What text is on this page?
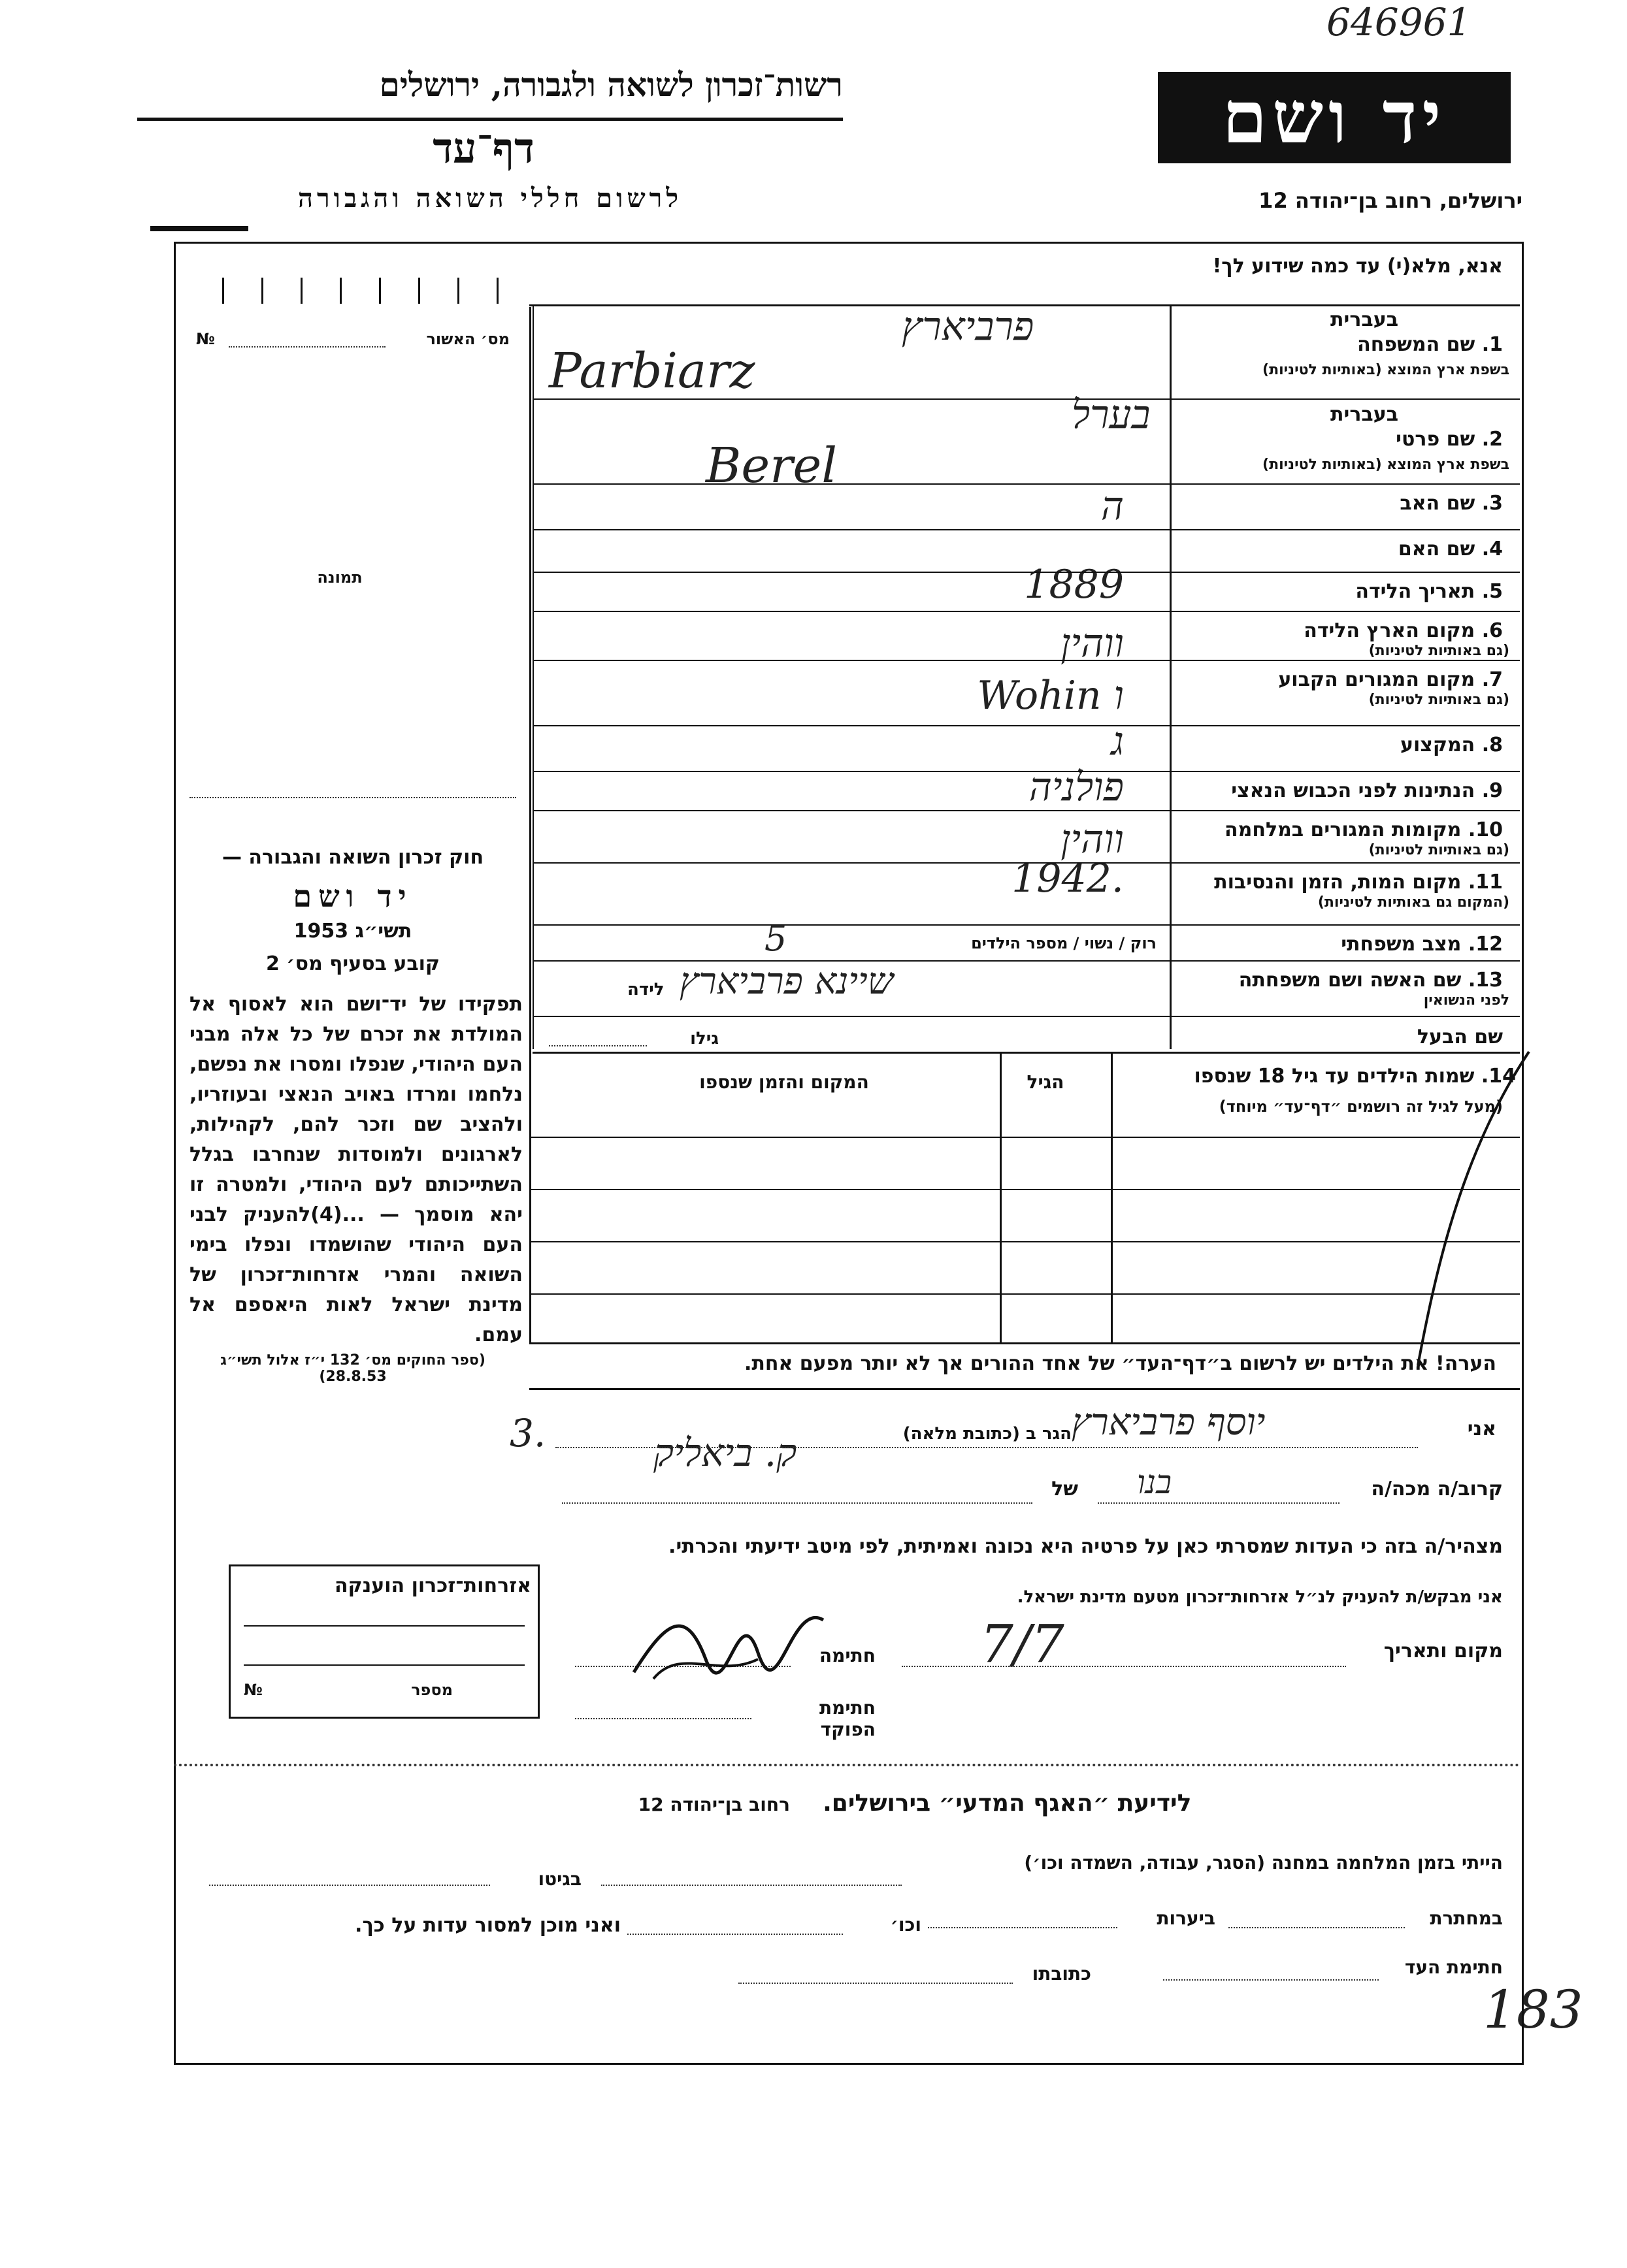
646961
183
רשות־זכרון לשואה ולגבורה, ירושלים
דף־עד
לרשום חללי השואה והגבורה
יד ושם
ירושלים, רחוב בן־יהודה 12
אנא, מלא(י) עד כמה שידוע לך!
מס׳ האשור
№
תמונה
חוק זכרון השואה והגבורה —
יד ושם
תשי״ג 1953
קובע בסעיף מס׳ 2
תפקידו של יד־ושם הוא לאסוף אל המולדת את זכרם של כל אלה מבני העם היהודי, שנפלו ומסרו את נפשם, נלחמו ומרדו באויב הנאצי ובעוזריו, ולהציב שם וזכר להם, לקהילות, לארגונים ולמוסדות שנחרבו בגלל השתייכותם לעם היהודי, ולמטרה זו יהא מוסמך — ...(4)להעניק לבני העם היהודי שהושמדו ונפלו בימי השואה והמרי אזרחות־זכרון של מדינת ישראל לאות היאספם אל עמם.
(ספר החוקים מס׳ 132 י״ז אלול תשי״ג 28.8.53)
אזרחות־זכרון הוענקה
מספר
№
1. שם המשפחה
בעברית
בשפת ארץ המוצא (באותיות לטיניות)
2. שם פרטי
בעברית
בשפת ארץ המוצא (באותיות לטיניות)
3. שם האב
ה
4. שם האם
5. תאריך הלידה
1889
6. מקום הארץ הלידה
(גם באותיות לטיניות)
ווהין
7. מקום המגורים הקבוע
(גם באותיות לטיניות)
Wohin ו
8. המקצוע
ג
9. הנתינות לפני הכבוש הנאצי
פולניה
10. מקומות המגורים במלחמה
(גם באותיות לטיניות)
ווהין
11. מקום המות, הזמן והנסיבות
(המקום גם באותיות לטיניות)
1942.
12. מצב משפחתי
13. שם האשה ושם משפחתה
לפני הנשואין
פרביארץ
Parbiarz
בערל
Berel
רוק / נשוי / מספר הילדים
5
שיינא פרביארץ
לידה
שם הבעל
גילו
14. שמות הילדים עד גיל 18 שנספו
(מעל לגיל זה רושמים ״דף־עד״ מיוחד)
הגיל
המקום והזמן שנספו
הערה! את הילדים יש לרשום ב״דף־העד״ של אחד ההורים אך לא יותר מפעם אחת.
אני
יוסף פרביארץ
הגר ב (כתובת מלאה)
ק. ביאליק
3.
קרוב/ה מכה/ה
בנו
של
מצהיר/ה בזה כי העדות שמסרתי כאן על פרטיה היא נכונה ואמיתית, לפי מיטב ידיעתי והכרתי.
אני מבקש/ת להעניק לנ״ל אזרחות־זכרון מטעם מדינת ישראל.
מקום ותאריך
7/7
חתימה
חתימת הפוקד
לידיעת ״האגף המדעי״ בירושלים.    רחוב בן־יהודה 12
הייתי בזמן המלחמה במחנה (הסגר, עבודה, השמדה וכו׳)
בגיטו
במחתרת
ביערות
וכו׳
ואני מוכן למסור עדות על כך.
חתימת העד
כתובתו
